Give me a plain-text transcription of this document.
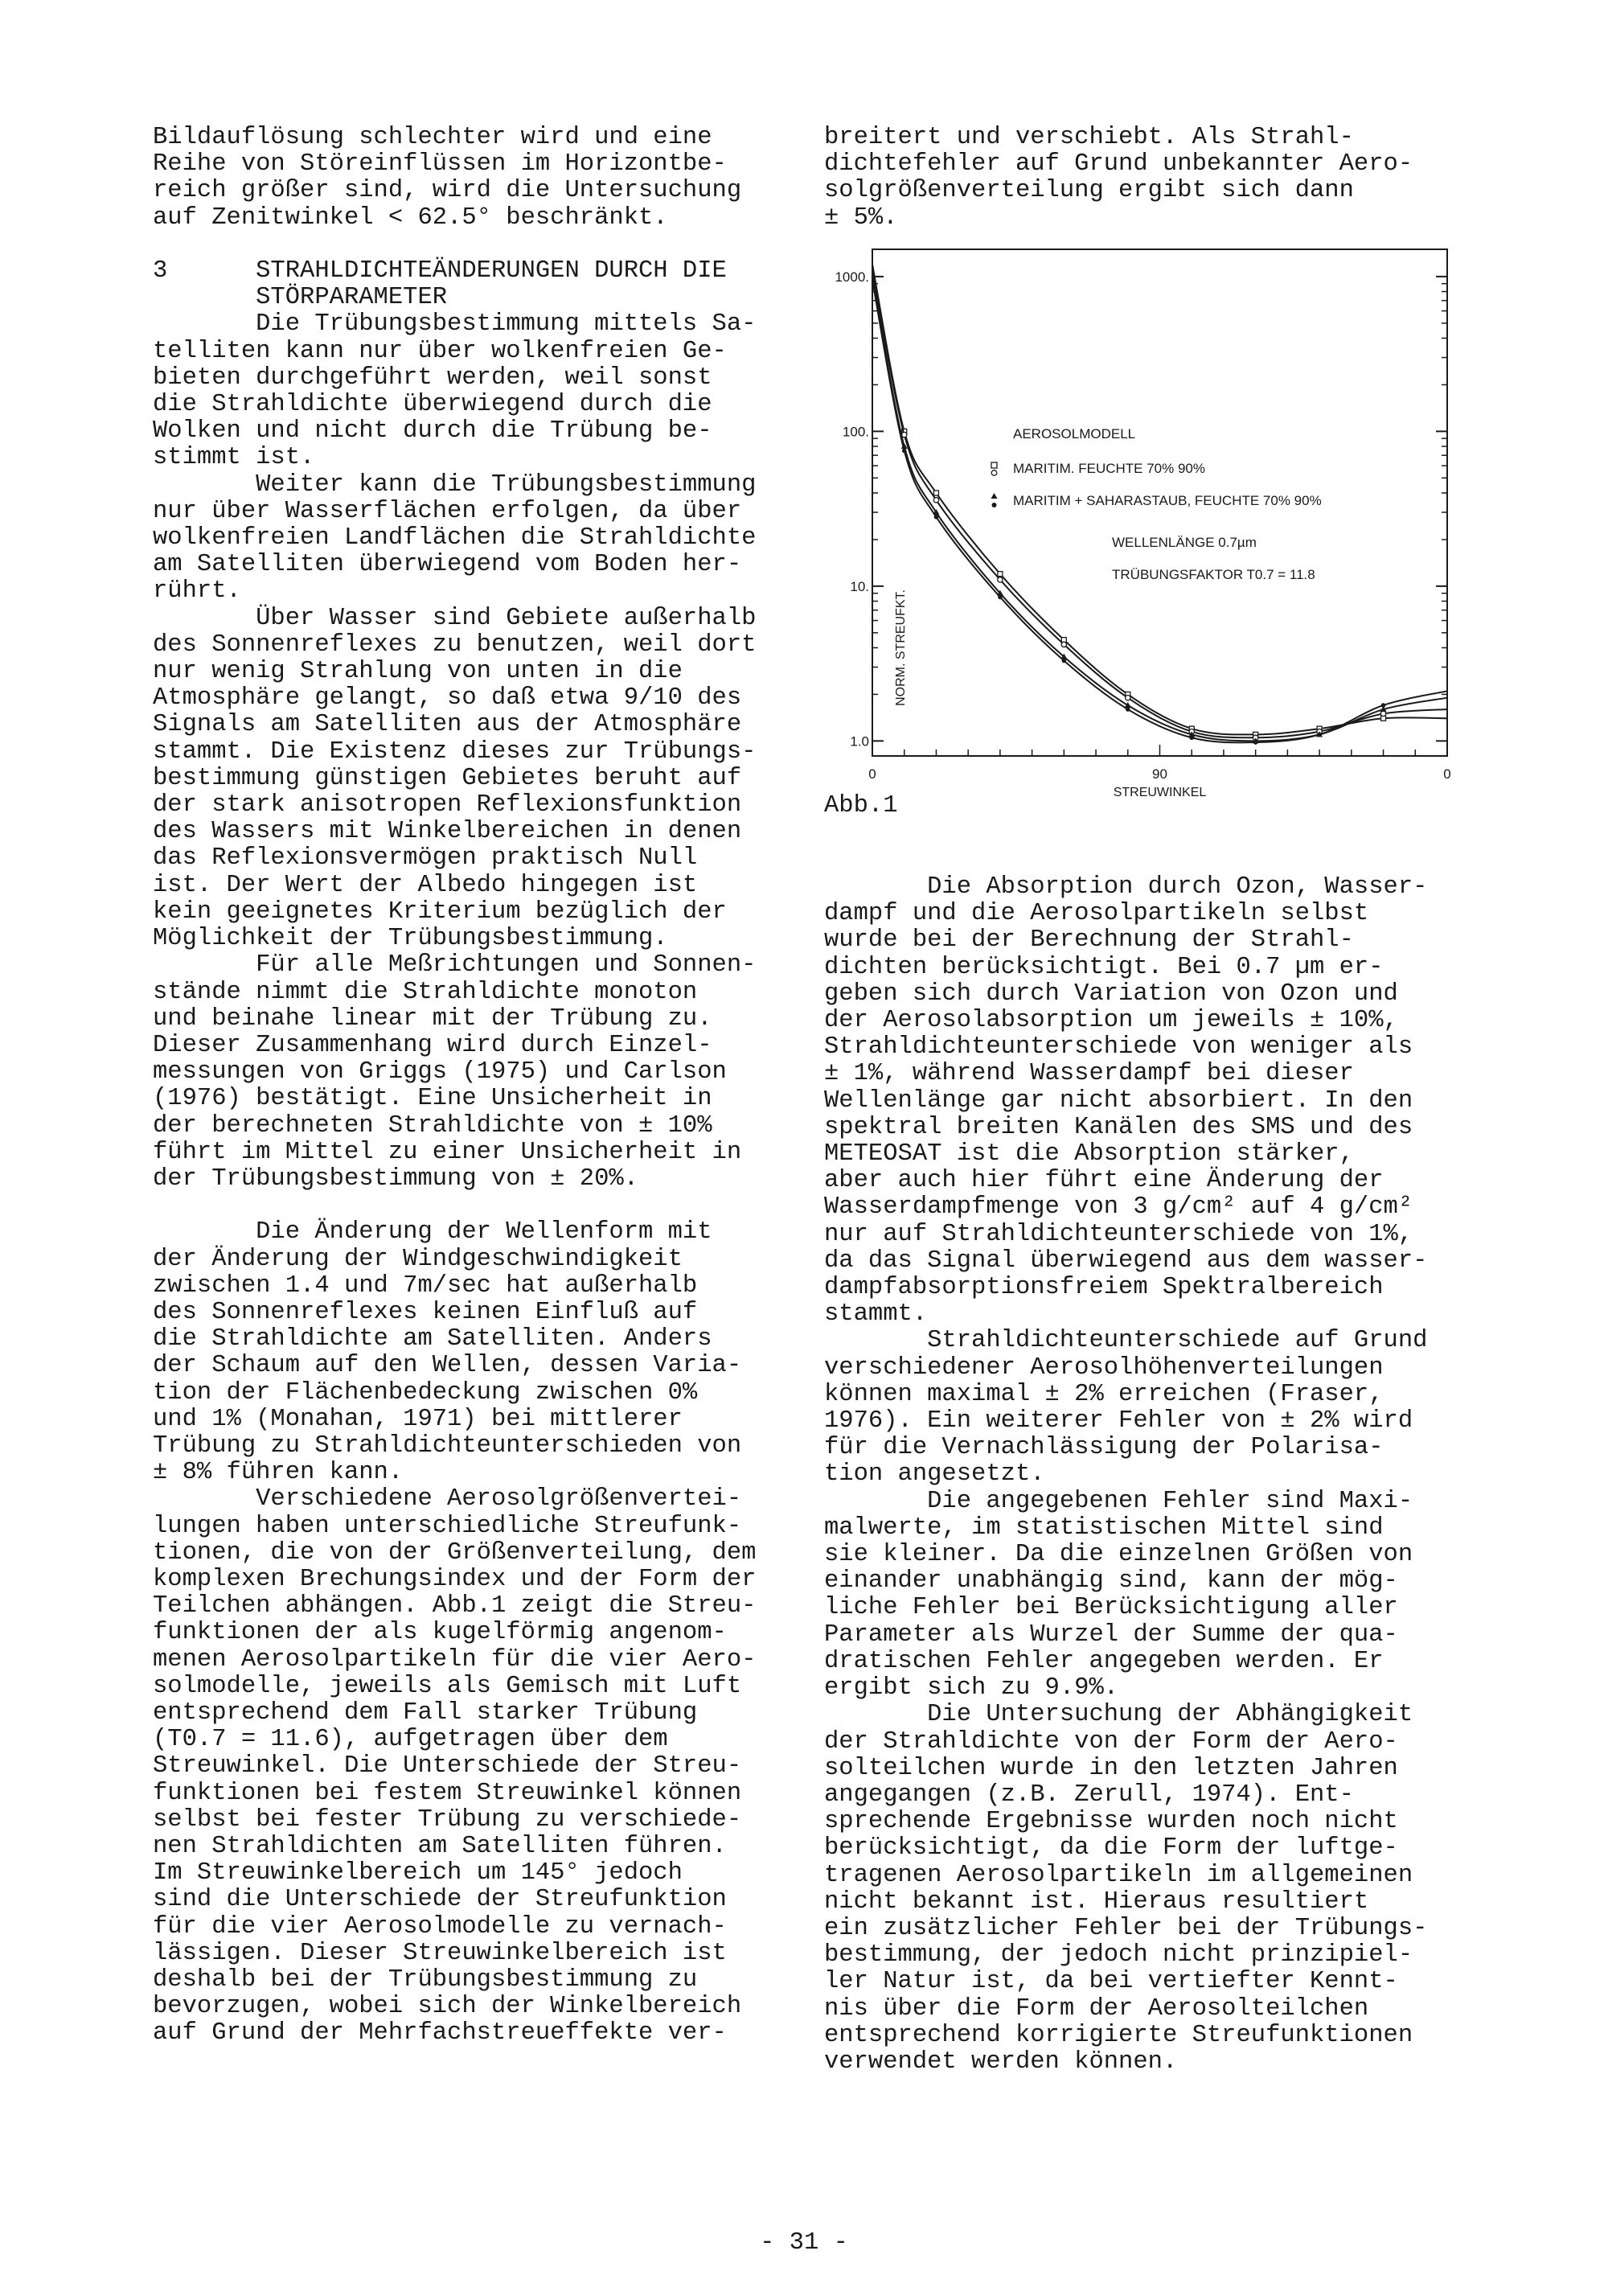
Bildauflösung schlechter wird und eine

Reihe von Störeinflüssen im Horizontbe-

reich größer sind, wird die Untersuchung

auf Zenitwinkel < 62.5° beschränkt.

3      STRAHLDICHTEÄNDERUNGEN DURCH DIE

STÖRPARAMETER

Die Trübungsbestimmung mittels Sa-

telliten kann nur über wolkenfreien Ge-

bieten durchgeführt werden, weil sonst

die Strahldichte überwiegend durch die

Wolken und nicht durch die Trübung be-

stimmt ist.

Weiter kann die Trübungsbestimmung

nur über Wasserflächen erfolgen, da über

wolkenfreien Landflächen die Strahldichte

am Satelliten überwiegend vom Boden her-

rührt.

Über Wasser sind Gebiete außerhalb

des Sonnenreflexes zu benutzen, weil dort

nur wenig Strahlung von unten in die

Atmosphäre gelangt, so daß etwa 9/10 des

Signals am Satelliten aus der Atmosphäre

stammt. Die Existenz dieses zur Trübungs-

bestimmung günstigen Gebietes beruht auf

der stark anisotropen Reflexionsfunktion

des Wassers mit Winkelbereichen in denen

das Reflexionsvermögen praktisch Null

ist. Der Wert der Albedo hingegen ist

kein geeignetes Kriterium bezüglich der

Möglichkeit der Trübungsbestimmung.

Für alle Meßrichtungen und Sonnen-

stände nimmt die Strahldichte monoton

und beinahe linear mit der Trübung zu.

Dieser Zusammenhang wird durch Einzel-

messungen von Griggs (1975) und Carlson

(1976) bestätigt. Eine Unsicherheit in

der berechneten Strahldichte von ± 10%

führt im Mittel zu einer Unsicherheit in

der Trübungsbestimmung von ± 20%.

Die Änderung der Wellenform mit

der Änderung der Windgeschwindigkeit

zwischen 1.4 und 7m/sec hat außerhalb

des Sonnenreflexes keinen Einfluß auf

die Strahldichte am Satelliten. Anders

der Schaum auf den Wellen, dessen Varia-

tion der Flächenbedeckung zwischen 0%

und 1% (Monahan, 1971) bei mittlerer

Trübung zu Strahldichteunterschieden von

± 8% führen kann.

Verschiedene Aerosolgrößenvertei-

lungen haben unterschiedliche Streufunk-

tionen, die von der Größenverteilung, dem

komplexen Brechungsindex und der Form der

Teilchen abhängen. Abb.1 zeigt die Streu-

funktionen der als kugelförmig angenom-

menen Aerosolpartikeln für die vier Aero-

solmodelle, jeweils als Gemisch mit Luft

entsprechend dem Fall starker Trübung

(T0.7 = 11.6), aufgetragen über dem

Streuwinkel. Die Unterschiede der Streu-

funktionen bei festem Streuwinkel können

selbst bei fester Trübung zu verschiede-

nen Strahldichten am Satelliten führen.

Im Streuwinkelbereich um 145° jedoch

sind die Unterschiede der Streufunktion

für die vier Aerosolmodelle zu vernach-

lässigen. Dieser Streuwinkelbereich ist

deshalb bei der Trübungsbestimmung zu

bevorzugen, wobei sich der Winkelbereich

auf Grund der Mehrfachstreueffekte ver-

breitert und verschiebt. Als Strahl-

dichtefehler auf Grund unbekannter Aero-

solgrößenverteilung ergibt sich dann

± 5%.

Die Absorption durch Ozon, Wasser-

dampf und die Aerosolpartikeln selbst

wurde bei der Berechnung der Strahl-

dichten berücksichtigt. Bei 0.7 µm er-

geben sich durch Variation von Ozon und

der Aerosolabsorption um jeweils ± 10%,

Strahldichteunterschiede von weniger als

± 1%, während Wasserdampf bei dieser

Wellenlänge gar nicht absorbiert. In den

spektral breiten Kanälen des SMS und des

METEOSAT ist die Absorption stärker,

aber auch hier führt eine Änderung der

Wasserdampfmenge von 3 g/cm² auf 4 g/cm²

nur auf Strahldichteunterschiede von 1%,

da das Signal überwiegend aus dem wasser-

dampfabsorptionsfreiem Spektralbereich

stammt.

Strahldichteunterschiede auf Grund

verschiedener Aerosolhöhenverteilungen

können maximal ± 2% erreichen (Fraser,

1976). Ein weiterer Fehler von ± 2% wird

für die Vernachlässigung der Polarisa-

tion angesetzt.

Die angegebenen Fehler sind Maxi-

malwerte, im statistischen Mittel sind

sie kleiner. Da die einzelnen Größen von

einander unabhängig sind, kann der mög-

liche Fehler bei Berücksichtigung aller

Parameter als Wurzel der Summe der qua-

dratischen Fehler angegeben werden. Er

ergibt sich zu 9.9%.

Die Untersuchung der Abhängigkeit

der Strahldichte von der Form der Aero-

solteilchen wurde in den letzten Jahren

angegangen (z.B. Zerull, 1974). Ent-

sprechende Ergebnisse wurden noch nicht

berücksichtigt, da die Form der luftge-

tragenen Aerosolpartikeln im allgemeinen

nicht bekannt ist. Hieraus resultiert

ein zusätzlicher Fehler bei der Trübungs-

bestimmung, der jedoch nicht prinzipiel-

ler Natur ist, da bei vertiefter Kennt-

nis über die Form der Aerosolteilchen

entsprechend korrigierte Streufunktionen

verwendet werden können.

1000.
100.
10.
1.0
0	90	0
STREUWINKEL
NORM. STREUFKT.
AEROSOLMODELL
MARITIM. FEUCHTE 70% 90%
MARITIM + SAHARASTAUB, FEUCHTE 70% 90%
WELLENLÄNGE 0.7µm
TRÜBUNGSFAKTOR T0.7 = 11.8
Abb.1
- 31 -
